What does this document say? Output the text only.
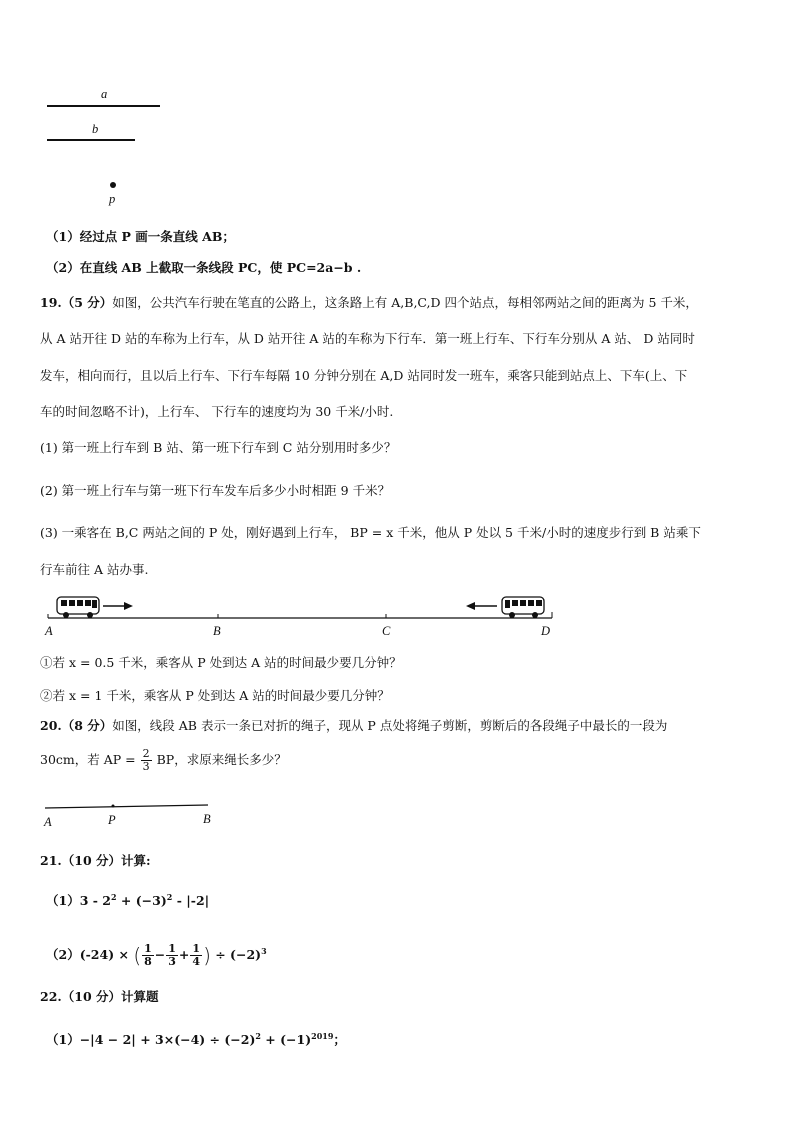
a
b
p
（1）经过点 P 画一条直线 AB；
（2）在直线 AB 上截取一条线段 PC，使 PC=2a−b .
19.（5 分）如图，公共汽车行驶在笔直的公路上，这条路上有 A,B,C,D 四个站点，每相邻两站之间的距离为 5 千米，
从 A 站开往 D 站的车称为上行车，从 D 站开往 A 站的车称为下行车．第一班上行车、下行车分别从 A 站、 D 站同时
发车，相向而行，且以后上行车、下行车每隔 10 分钟分别在 A,D 站同时发一班车，乘客只能到站点上、下车(上、下
车的时间忽略不计)，上行车、 下行车的速度均为 30 千米/小时.
(1) 第一班上行车到 B 站、第一班下行车到 C 站分别用时多少？
(2) 第一班上行车与第一班下行车发车后多少小时相距 9 千米？
(3) 一乘客在 B,C 两站之间的 P 处，刚好遇到上行车， BP = x 千米，他从 P 处以 5 千米/小时的速度步行到 B 站乘下
行车前往 A 站办事.
A	B	C	D
①若 x = 0.5 千米，乘客从 P 处到达 A 站的时间最少要几分钟？
②若 x = 1 千米，乘客从 P 处到达 A 站的时间最少要几分钟？
20.（8 分）如图，线段 AB 表示一条已对折的绳子，现从 P 点处将绳子剪断，剪断后的各段绳子中最长的一段为
30cm，若 AP = $\frac{2}{3}$ BP，求原来绳长多少？
A	P	B
21.（10 分）计算:
$(1)3 - 2^2 + (-3)^2 - |-2|$
（2）(-24) × ( $\frac{1}{8} - \frac{1}{3} + \frac{1}{4}$ ) ÷ $(-2)^3$
22.（10 分）计算题
$(1)-|4 - 2| + 3\times(-4) \div (-2)^2 + (-1)^{2019}$；
